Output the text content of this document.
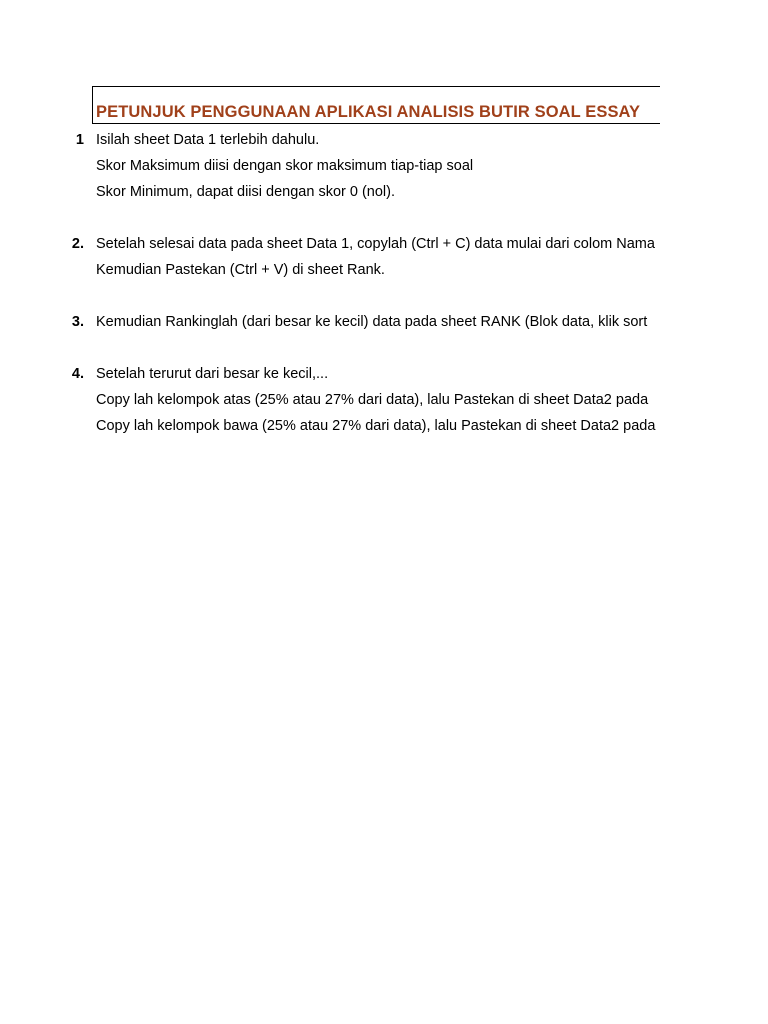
PETUNJUK PENGGUNAAN APLIKASI ANALISIS BUTIR SOAL ESSAY
1 Isilah sheet Data 1 terlebih dahulu.
Skor Maksimum diisi dengan skor maksimum tiap-tiap soal
Skor Minimum, dapat diisi dengan skor 0 (nol).
2. Setelah selesai data pada sheet Data 1, copylah (Ctrl + C) data mulai dari colom Nama
Kemudian Pastekan (Ctrl + V) di sheet Rank.
3. Kemudian Rankinglah (dari besar ke kecil) data pada sheet RANK (Blok data, klik sort
4. Setelah terurut dari besar ke kecil,...
Copy lah kelompok atas (25% atau 27% dari data), lalu Pastekan di sheet Data2 pada
Copy lah kelompok bawa (25% atau 27% dari data), lalu Pastekan di sheet Data2 pada
